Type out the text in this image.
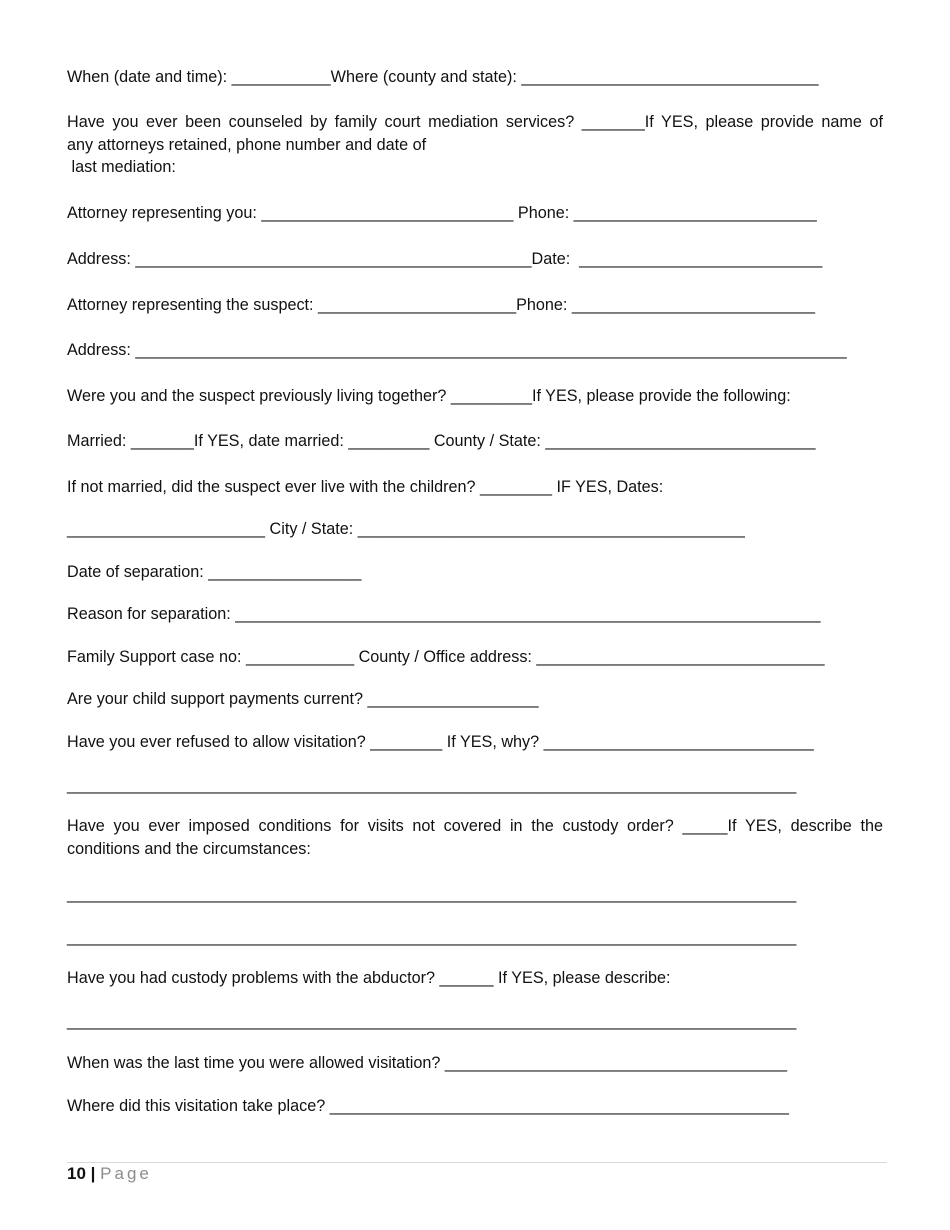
When (date and time): ___________Where (county and state): _________________________________
Have you ever been counseled by family court mediation services? _______If YES, please provide name of
any attorneys retained, phone number and date of
last mediation:
Attorney representing you: ____________________________ Phone: ___________________________
Address: ____________________________________________Date:  ___________________________
Attorney representing the suspect: ______________________Phone: ___________________________
Address: _______________________________________________________________________________
Were you and the suspect previously living together? _________If YES, please provide the following:
Married: _______If YES, date married: _________ County / State: ______________________________
If not married, did the suspect ever live with the children? ________ IF YES, Dates:
______________________ City / State: ___________________________________________
Date of separation: _________________
Reason for separation: _________________________________________________________________
Family Support case no: ____________ County / Office address: ________________________________
Are your child support payments current? ___________________
Have you ever refused to allow visitation? ________ If YES, why? ______________________________
_________________________________________________________________________________
Have you ever imposed conditions for visits not covered in the custody order? _____If YES, describe the
conditions and the circumstances:
_________________________________________________________________________________
_________________________________________________________________________________
Have you had custody problems with the abductor? ______ If YES, please describe:
_________________________________________________________________________________
When was the last time you were allowed visitation? ______________________________________
Where did this visitation take place? ___________________________________________________
10 | Page
